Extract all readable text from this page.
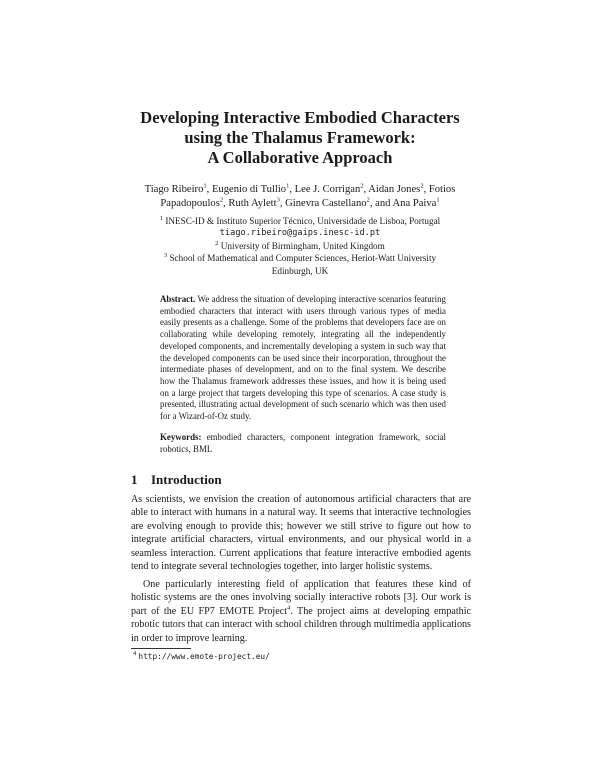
Developing Interactive Embodied Characters
using the Thalamus Framework:
A Collaborative Approach
Tiago Ribeiro$^1$, Eugenio di Tullio$^1$, Lee J. Corrigan$^2$, Aidan Jones$^2$, Fotios
Papadopoulos$^2$, Ruth Aylett$^3$, Ginevra Castellano$^2$, and Ana Paiva$^1$
$^1$ INESC-ID & Instituto Superior Técnico, Universidade de Lisboa, Portugal
tiago.ribeiro@gaips.inesc-id.pt
$^2$ University of Birmingham, United Kingdom
$^3$ School of Mathematical and Computer Sciences, Heriot-Watt University
Edinburgh, UK
Abstract. We address the situation of developing interactive scenarios featuring embodied characters that interact with users through various types of media easily presents as a challenge. Some of the problems that developers face are on collaborating while developing remotely, integrating all the independently developed components, and incrementally developing a system in such way that the developed components can be used since their incorporation, throughout the intermediate phases of development, and on to the final system. We describe how the Thalamus framework addresses these issues, and how it is being used on a large project that targets developing this type of scenarios. A case study is presented, illustrating actual development of such scenario which was then used for a Wizard-of-Oz study.
Keywords: embodied characters, component integration framework, social robotics, BML
1 Introduction
As scientists, we envision the creation of autonomous artificial characters that are able to interact with humans in a natural way. It seems that interactive technologies are evolving enough to provide this; however we still strive to figure out how to integrate artificial characters, virtual environments, and our physical world in a seamless interaction. Current applications that feature interactive embodied agents tend to integrate several technologies together, into larger holistic systems.
One particularly interesting field of application that features these kind of holistic systems are the ones involving socially interactive robots [3]. Our work is part of the EU FP7 EMOTE Project$^4$. The project aims at developing empathic robotic tutors that can interact with school children through multimedia applications in order to improve learning.
$^4$ http://www.emote-project.eu/
